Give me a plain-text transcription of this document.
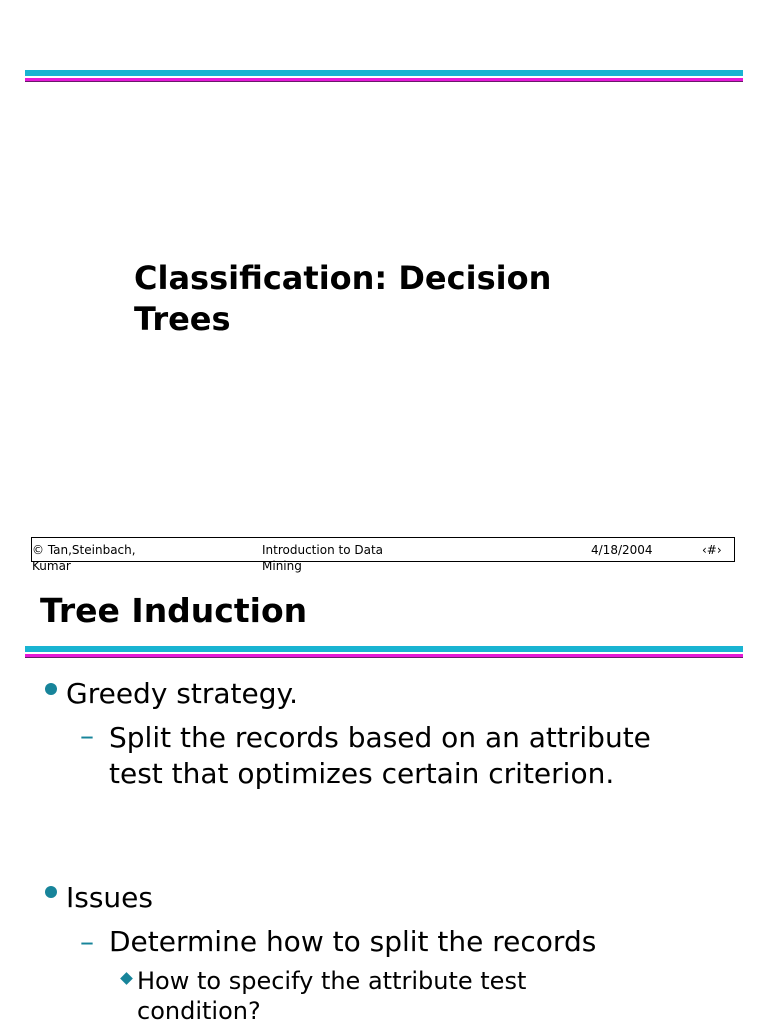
Classification: Decision Trees
© Tan,Steinbach, Kumar
Introduction to Data Mining
4/18/2004	‹#›
Tree Induction
Greedy strategy.
– Split the records based on an attribute test that optimizes certain criterion.
Issues
– Determine how to split the records
How to specify the attribute test condition?
